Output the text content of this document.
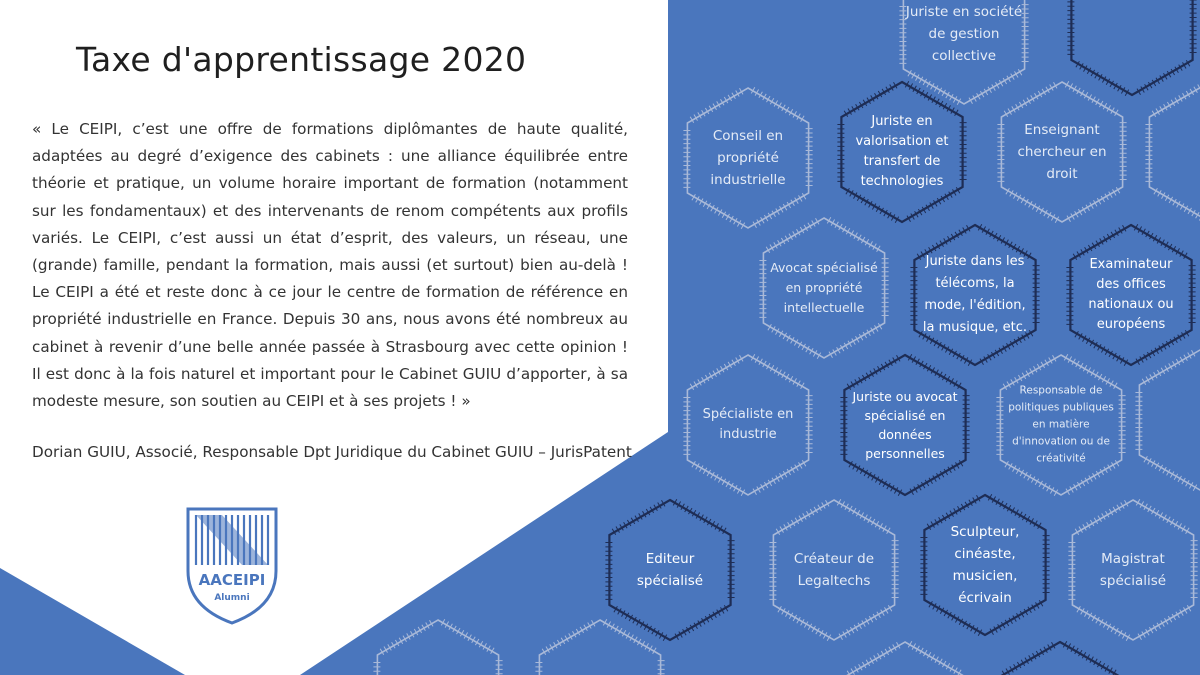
Taxe d'apprentissage 2020

« Le CEIPI, c’est une offre de formations diplômantes de haute qualité, adaptées au degré d’exigence des cabinets : une alliance équilibrée entre théorie et pratique, un volume horaire important de formation (notamment sur les fondamentaux) et des intervenants de renom compétents aux profils variés. Le CEIPI, c’est aussi un état d’esprit, des valeurs, un réseau, une (grande) famille, pendant la formation, mais aussi (et surtout) bien au-delà ! Le CEIPI a été et reste donc à ce jour le centre de formation de référence en propriété industrielle en France. Depuis 30 ans, nous avons été nombreux au cabinet à revenir d’une belle année passée à Strasbourg avec cette opinion ! Il est donc à la fois naturel et important pour le Cabinet GUIU d’apporter, à sa modeste mesure, son soutien au CEIPI et à ses projets ! »

Dorian GUIU, Associé, Responsable Dpt Juridique du Cabinet GUIU – JurisPatent

AACEIPI
Alumni
Juriste en société de gestion collective
Conseil en propriété industrielle
Juriste en valorisation et transfert de technologies
Enseignant chercheur en droit
Avocat spécialisé en propriété intellectuelle
Juriste dans les télécoms, la mode, l'édition, la musique, etc.
Examinateur des offices nationaux ou européens
Spécialiste en industrie
Juriste ou avocat spécialisé en données personnelles
Responsable de politiques publiques en matière d'innovation ou de créativité
Editeur spécialisé
Créateur de Legaltechs
Sculpteur, cinéaste, musicien, écrivain
Magistrat spécialisé
